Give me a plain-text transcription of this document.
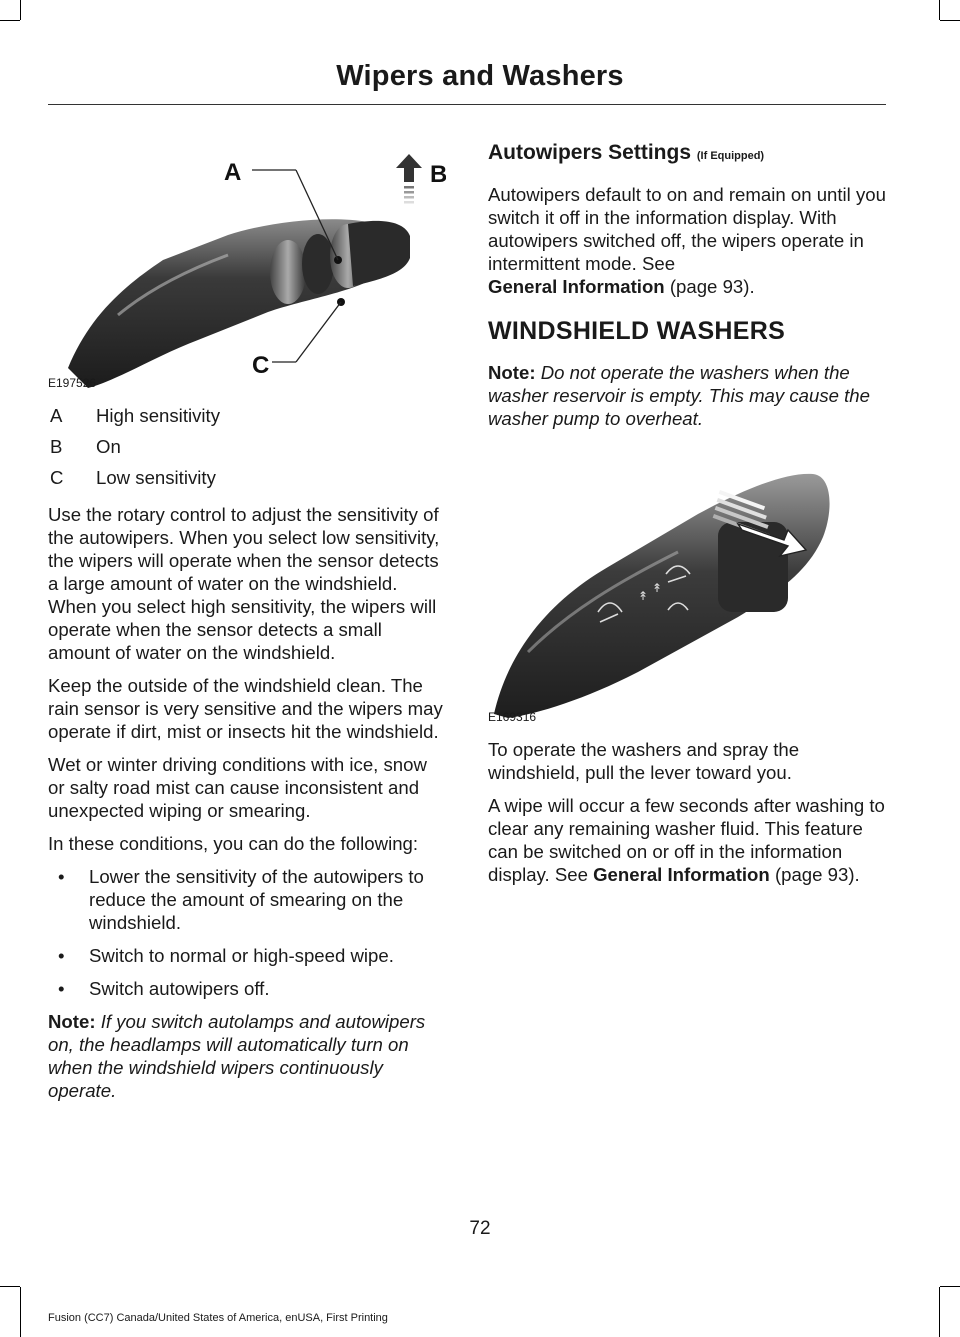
Wipers and Washers
A	B
C
E197526
A	High sensitivity
B	On
C	Low sensitivity

Use the rotary control to adjust the sensitivity of the autowipers. When you select low sensitivity, the wipers will operate when the sensor detects a large amount of water on the windshield. When you select high sensitivity, the wipers will operate when the sensor detects a small amount of water on the windshield.

Keep the outside of the windshield clean. The rain sensor is very sensitive and the wipers may operate if dirt, mist or insects hit the windshield.

Wet or winter driving conditions with ice, snow or salty road mist can cause inconsistent and unexpected wiping or smearing.

In these conditions, you can do the following:

• Lower the sensitivity of the autowipers to reduce the amount of smearing on the windshield.
• Switch to normal or high-speed wipe.
• Switch autowipers off.

Note: If you switch autolamps and autowipers on, the headlamps will automatically turn on when the windshield wipers continuously operate.

Autowipers Settings (If Equipped)

Autowipers default to on and remain on until you switch it off in the information display. With autowipers switched off, the wipers operate in intermittent mode. See
General Information (page 93).

WINDSHIELD WASHERS

Note: Do not operate the washers when the washer reservoir is empty. This may cause the washer pump to overheat.

↟
↟
E169316

To operate the washers and spray the windshield, pull the lever toward you.

A wipe will occur a few seconds after washing to clear any remaining washer fluid. This feature can be switched on or off in the information display. See General Information (page 93).

72
Fusion (CC7) Canada/United States of America, enUSA, First Printing
